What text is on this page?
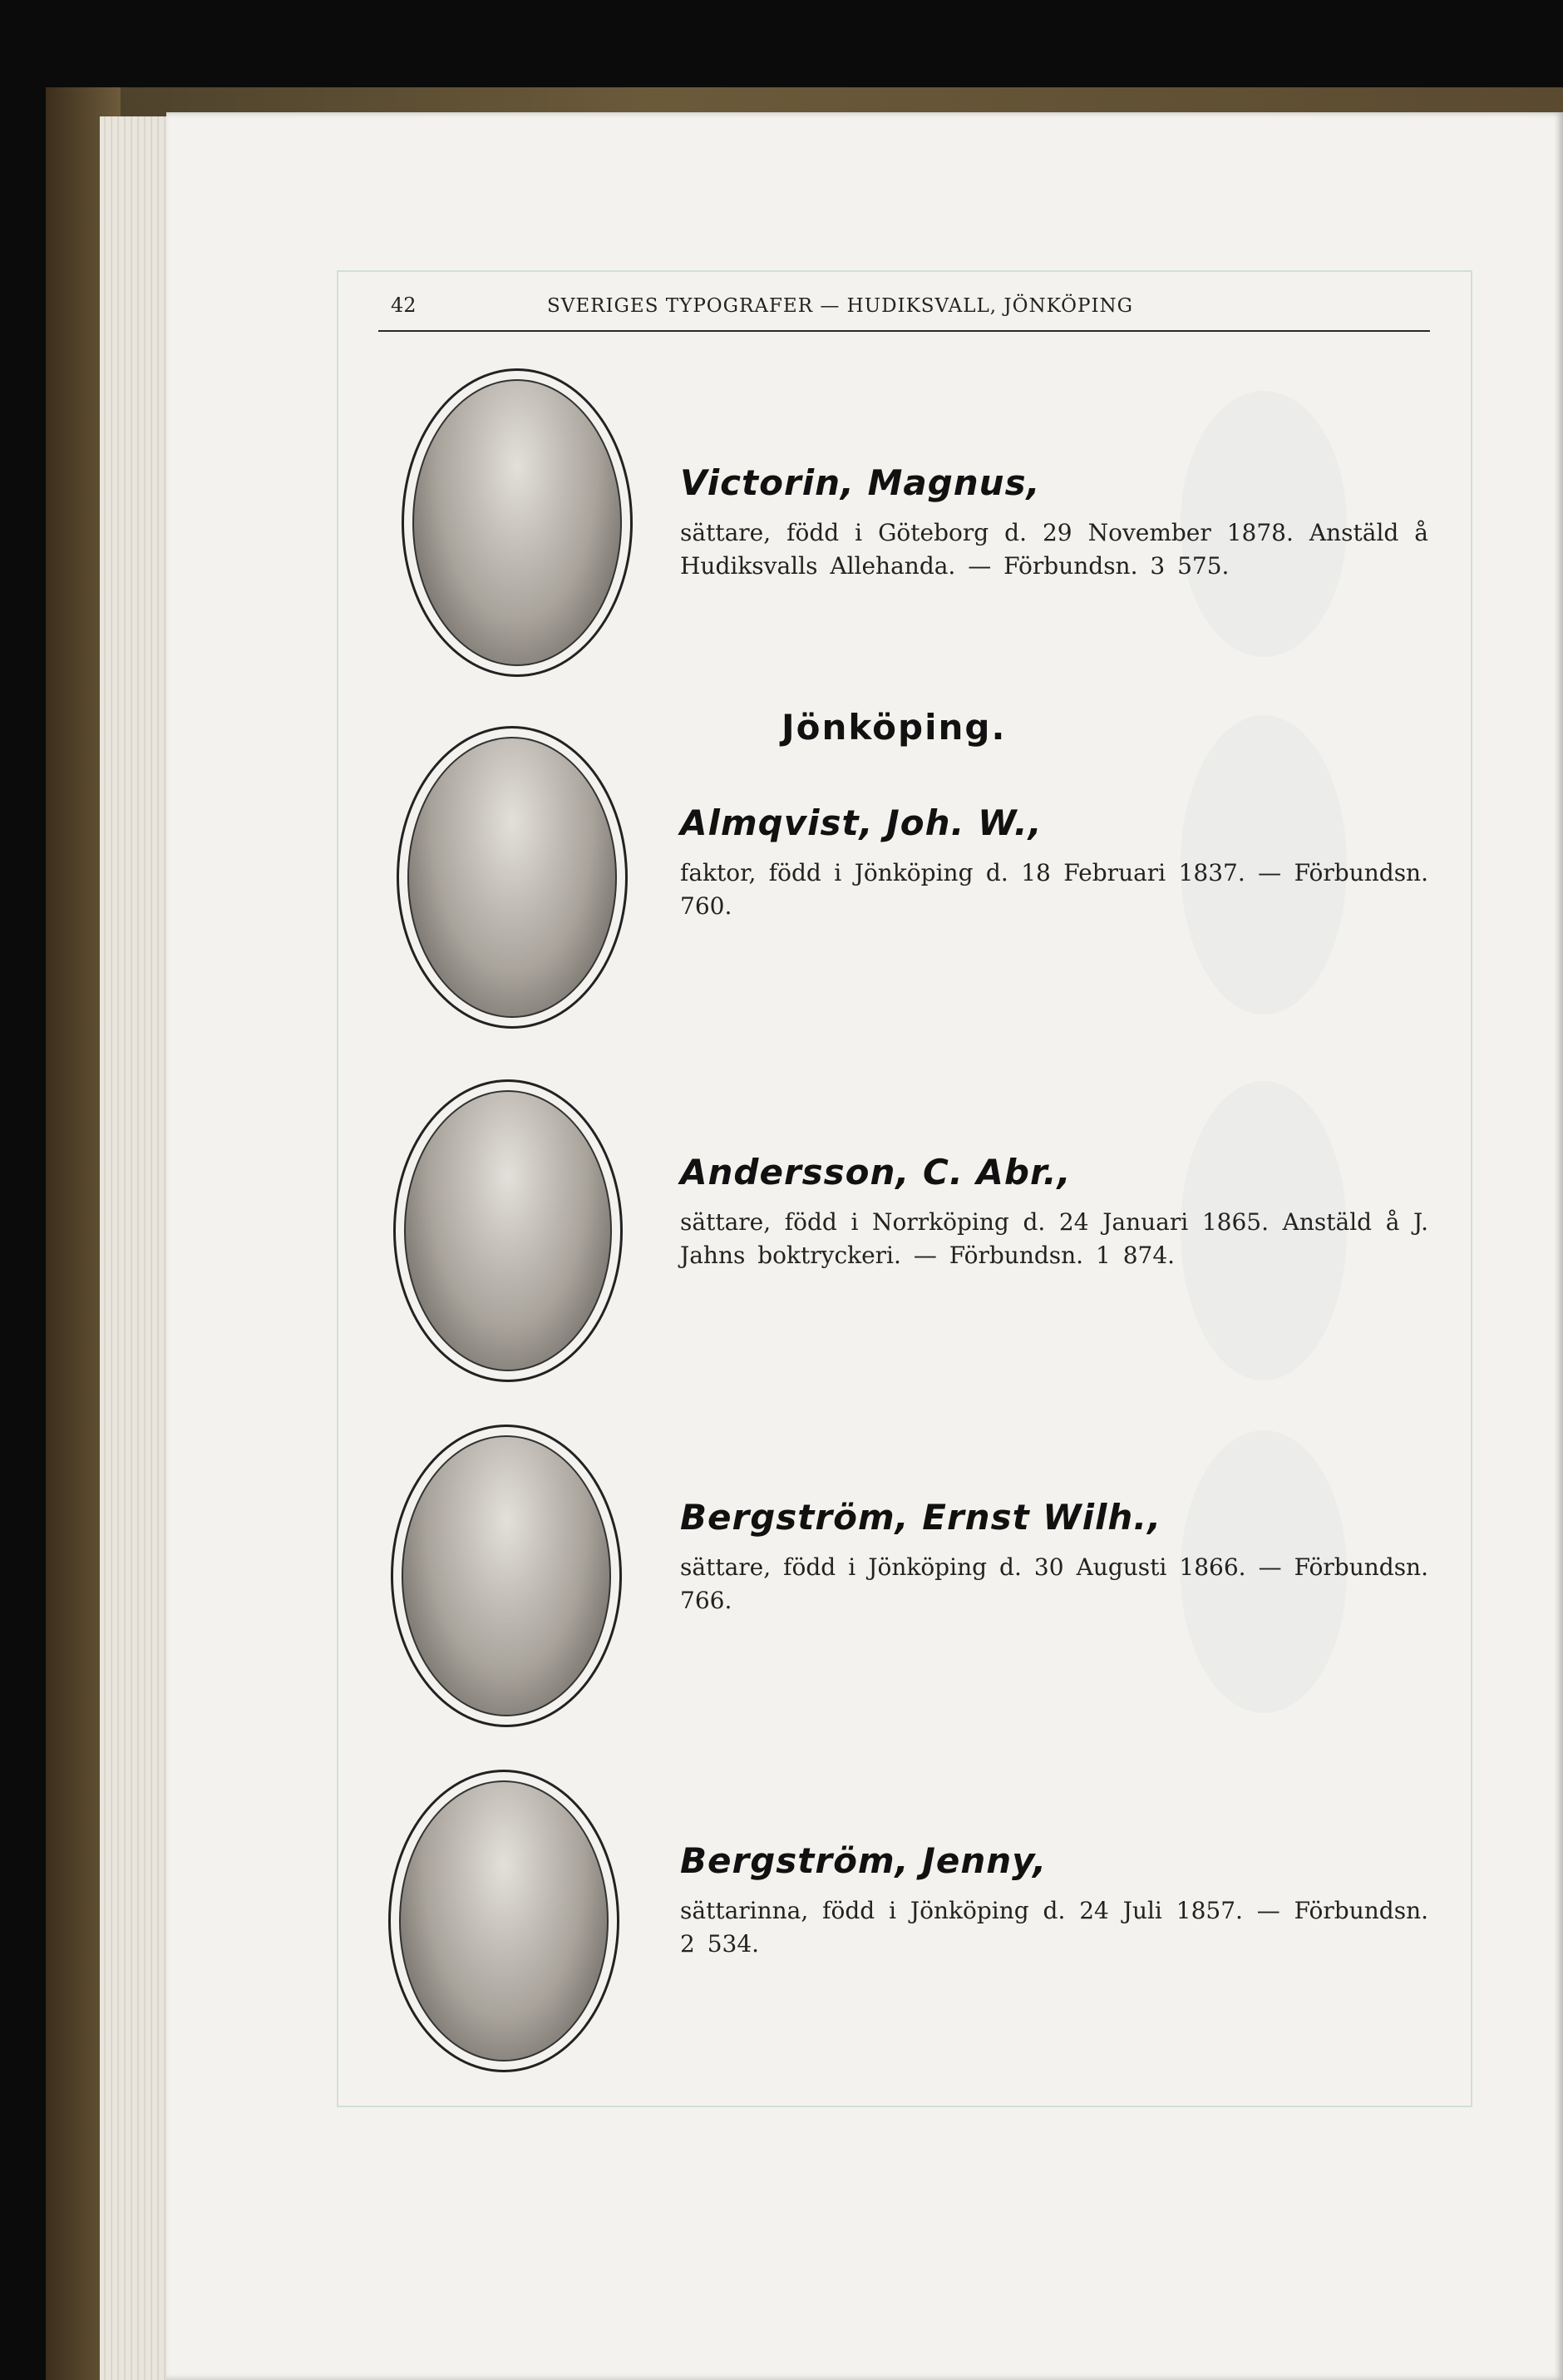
42	SVERIGES TYPOGRAFER — HUDIKSVALL, JÖNKÖPING

Victorin, Magnus,

sättare, född i Göteborg d. 29 November 1878. Anstäld å Hudiksvalls Allehanda. — Förbundsn. 3 575.

Jönköping.

Almqvist, Joh. W.,

faktor, född i Jönköping d. 18 Februari 1837. — Förbundsn. 760.

Andersson, C. Abr.,

sättare, född i Norrköping d. 24 Januari 1865. Anstäld å J. Jahns boktryckeri. — Förbundsn. 1 874.

Bergström, Ernst Wilh.,

sättare, född i Jönköping d. 30 Augusti 1866. — Förbundsn. 766.

Bergström, Jenny,

sättarinna, född i Jönköping d. 24 Juli 1857. — Förbundsn. 2 534.
